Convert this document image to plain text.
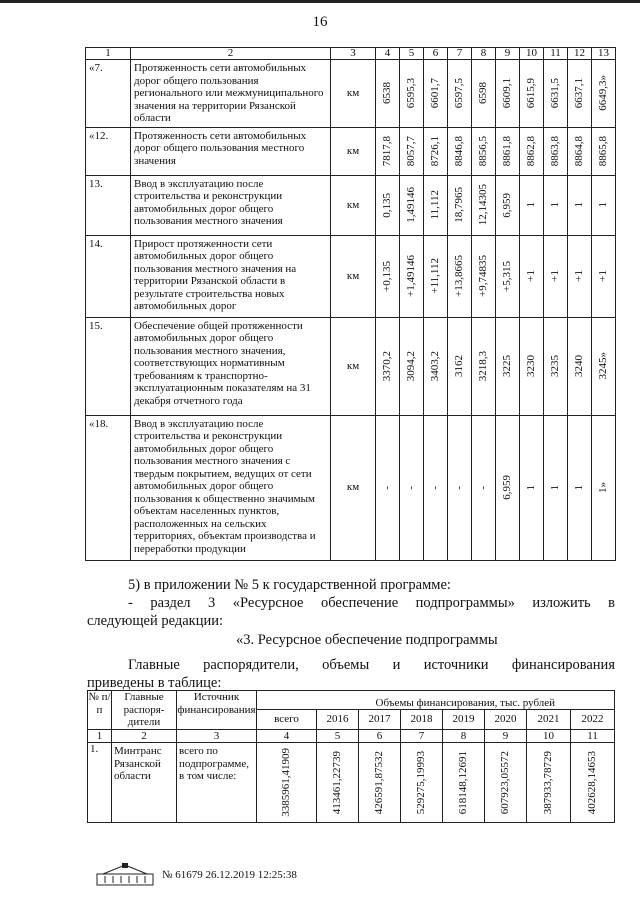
16
1	2	3	4	5	6	7	8	9	10	11	12	13
«7.	Протяженность сети автомобильных дорог общего пользования регионального или межмуниципального значения на территории Рязанской области	км	6538	6595,3	6601,7	6597,5	6598	6609,1	6615,9	6631,5	6637,1	6649,3»

«12.	Протяженность сети автомобильных дорог общего пользования местного значения	км	7817,8	8057,7	8726,1	8846,8	8856,5	8861,8	8862,8	8863,8	8864,8	8865,8

13.	Ввод в эксплуатацию после строительства и реконструкции автомобильных дорог общего пользования местного значения	км	0,135	1,49146	11,112	18,7965	12,14305	6,959	1	1	1	1

14.	Прирост протяженности сети автомобильных дорог общего пользования местного значения на территории Рязанской области в результате строительства новых автомобильных дорог	км	+0,135	+1,49146	+11,112	+13,8665	+9,74835	+5,315	+1	+1	+1	+1

15.	Обеспечение общей протяженности автомобильных дорог общего пользования местного значения, соответствующих нормативным требованиям к транспортно-эксплуатационным показателям на 31 декабря отчетного года	км	3370,2	3094,2	3403,2	3162	3218,3	3225	3230	3235	3240	3245»

«18.	Ввод в эксплуатацию после строительства и реконструкции автомобильных дорог общего пользования местного значения с твердым покрытием, ведущих от сети автомобильных дорог общего пользования к общественно значимым объектам населенных пунктов, расположенных на сельских территориях, объектам производства и переработки продукции	км	-	-	-	-	-	6,959	1	1	1	1»
5) в приложении № 5 к государственной программе:
- раздел 3 «Ресурсное обеспечение подпрограммы» изложить в
следующей редакции:
«3. Ресурсное обеспечение подпрограммы
Главные распорядители, объемы и источники финансирования
приведены в таблице:
№ п/п	Главные распоря-дители	Источник финансирования		Объемы финансирования, тыс. рублей						
			всего	2016	2017	2018	2019	2020	2021	2022
1	2	3	4	5	6	7	8	9	10	11
1.	Минтранс Рязанской области	всего по подпрограмме, в том числе:	3385961,41909	413461,22739	426591,87532	529275,19993	618148,12691	607923,05572	387933,78729	402628,14653
№ 61679 26.12.2019 12:25:38
